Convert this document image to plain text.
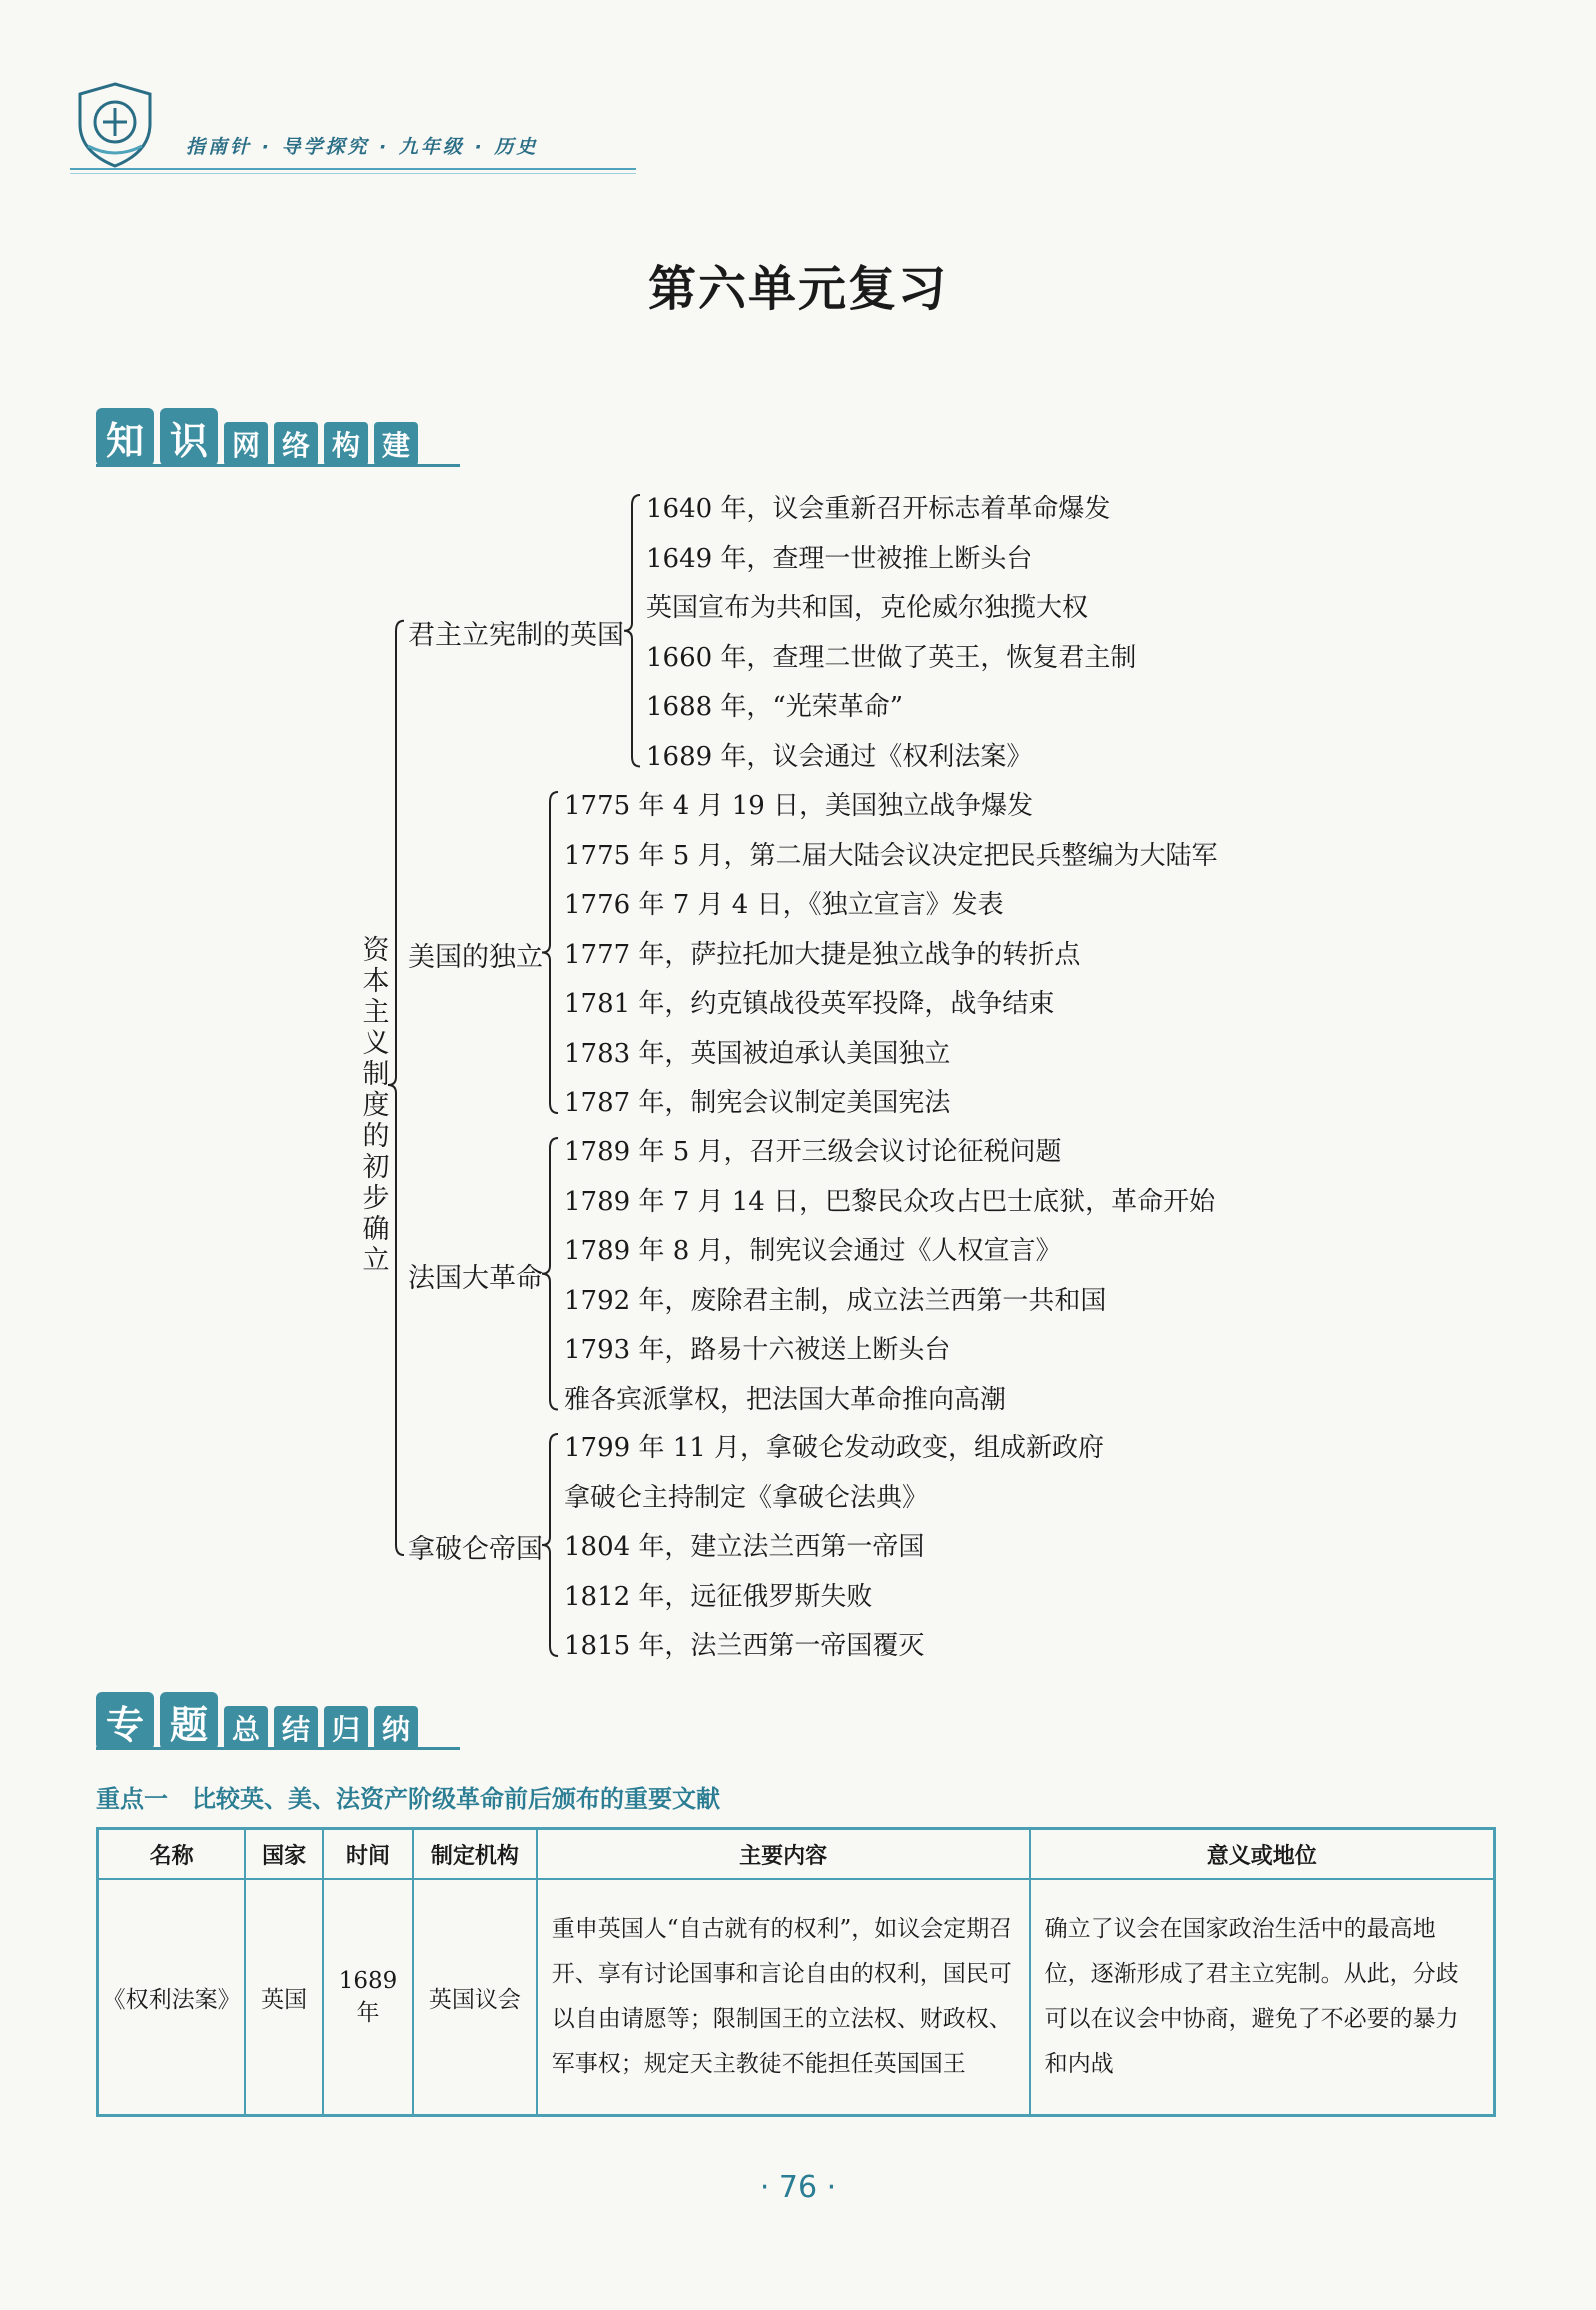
指南针 · 导学探究 · 九年级 · 历史
第六单元复习
知 识 网 络 构 建
资本主义制度的初步确立
1640 年，议会重新召开标志着革命爆发
1649 年，查理一世被推上断头台
英国宣布为共和国，克伦威尔独揽大权
1660 年，查理二世做了英王，恢复君主制
1688 年，“光荣革命”
1689 年，议会通过《权利法案》
君主立宪制的英国
1775 年 4 月 19 日，美国独立战争爆发
1775 年 5 月，第二届大陆会议决定把民兵整编为大陆军
1776 年 7 月 4 日，《独立宣言》发表
1777 年，萨拉托加大捷是独立战争的转折点
1781 年，约克镇战役英军投降，战争结束
1783 年，英国被迫承认美国独立
1787 年，制宪会议制定美国宪法
美国的独立
1789 年 5 月，召开三级会议讨论征税问题
1789 年 7 月 14 日，巴黎民众攻占巴士底狱，革命开始
1789 年 8 月，制宪议会通过《人权宣言》
1792 年，废除君主制，成立法兰西第一共和国
1793 年，路易十六被送上断头台
雅各宾派掌权，把法国大革命推向高潮
法国大革命
1799 年 11 月，拿破仑发动政变，组成新政府
拿破仑主持制定《拿破仑法典》
1804 年，建立法兰西第一帝国
1812 年，远征俄罗斯失败
1815 年，法兰西第一帝国覆灭
拿破仑帝国
专 题 总 结 归 纳
重点一　比较英、美、法资产阶级革命前后颁布的重要文献
名称	国家	时间	制定机构	主要内容	意义或地位
《权利法案》	英国	1689 年	英国议会	重申英国人“自古就有的权利”，如议会定期召开、享有讨论国事和言论自由的权利，国民可以自由请愿等；限制国王的立法权、财政权、军事权；规定天主教徒不能担任英国国王	确立了议会在国家政治生活中的最高地位，逐渐形成了君主立宪制。从此，分歧可以在议会中协商，避免了不必要的暴力和内战
· 76 ·
